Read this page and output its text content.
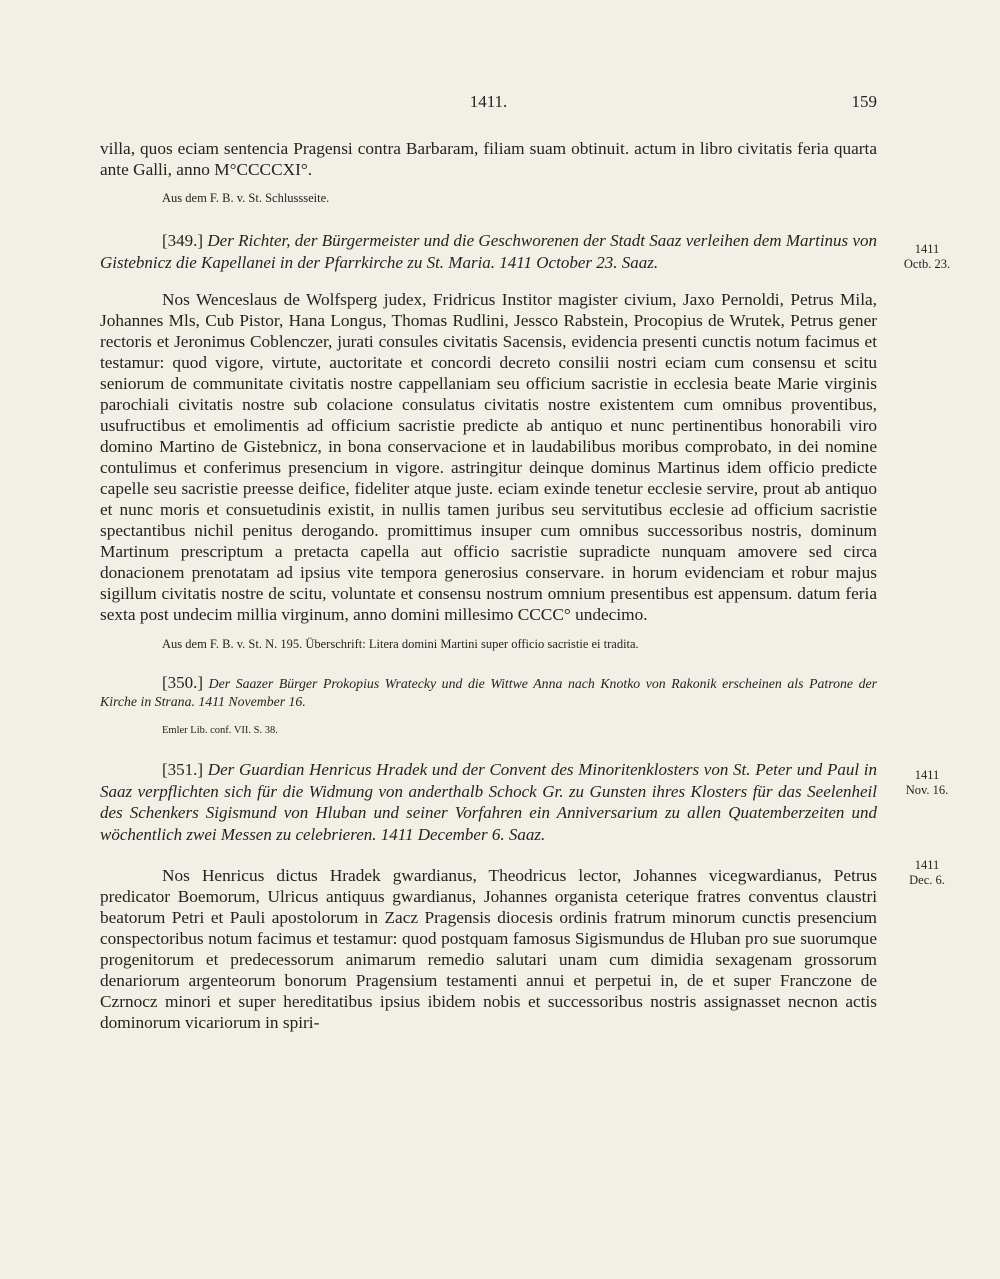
1411.	159

villa, quos eciam sentencia Pragensi contra Barbaram, filiam suam obtinuit. actum in libro civitatis feria quarta ante Galli, anno M°CCCCXI°.

Aus dem F. B. v. St. Schlussseite.

[349.] Der Richter, der Bürgermeister und die Geschworenen der Stadt Saaz verleihen dem Martinus von Gistebnicz die Kapellanei in der Pfarrkirche zu St. Maria. 1411 October 23. Saaz.

Nos Wenceslaus de Wolfsperg judex, Fridricus Institor magister civium, Jaxo Pernoldi, Petrus Mila, Johannes Mls, Cub Pistor, Hana Longus, Thomas Rudlini, Jessco Rabstein, Procopius de Wrutek, Petrus gener rectoris et Jeronimus Coblenczer, jurati consules civitatis Sacensis, evidencia presenti cunctis notum facimus et testamur: quod vigore, virtute, auctoritate et concordi decreto consilii nostri eciam cum consensu et scitu seniorum de communitate civitatis nostre cappellaniam seu officium sacristie in ecclesia beate Marie virginis parochiali civitatis nostre sub colacione consulatus civitatis nostre existentem cum omnibus proventibus, usufructibus et emolimentis ad officium sacristie predicte ab antiquo et nunc pertinentibus honorabili viro domino Martino de Gistebnicz, in bona conservacione et in laudabilibus moribus comprobato, in dei nomine contulimus et conferimus presencium in vigore. astringitur deinque dominus Martinus idem officio predicte capelle seu sacristie preesse deifice, fideliter atque juste. eciam exinde tenetur ecclesie servire, prout ab antiquo et nunc moris et consuetudinis existit, in nullis tamen juribus seu servitutibus ecclesie ad officium sacristie spectantibus nichil penitus derogando. promittimus insuper cum omnibus successoribus nostris, dominum Martinum prescriptum a pretacta capella aut officio sacristie supradicte nunquam amovere sed circa donacionem prenotatam ad ipsius vite tempora generosius conservare. in horum evidenciam et robur majus sigillum civitatis nostre de scitu, voluntate et consensu nostrum omnium presentibus est appensum. datum feria sexta post undecim millia virginum, anno domini millesimo CCCC° undecimo.

Aus dem F. B. v. St. N. 195. Überschrift: Litera domini Martini super officio sacristie ei tradita.

[350.] Der Saazer Bürger Prokopius Wratecky und die Wittwe Anna nach Knotko von Rakonik erscheinen als Patrone der Kirche in Strana. 1411 November 16.

Emler Lib. conf. VII. S. 38.

[351.] Der Guardian Henricus Hradek und der Convent des Minoritenklosters von St. Peter und Paul in Saaz verpflichten sich für die Widmung von anderthalb Schock Gr. zu Gunsten ihres Klosters für das Seelenheil des Schenkers Sigismund von Hluban und seiner Vorfahren ein Anniversarium zu allen Quatemberzeiten und wöchentlich zwei Messen zu celebrieren. 1411 December 6. Saaz.

Nos Henricus dictus Hradek gwardianus, Theodricus lector, Johannes vicegwardianus, Petrus predicator Boemorum, Ulricus antiquus gwardianus, Johannes organista ceterique fratres conventus claustri beatorum Petri et Pauli apostolorum in Zacz Pragensis diocesis ordinis fratrum minorum cunctis presencium conspectoribus notum facimus et testamur: quod postquam famosus Sigismundus de Hluban pro sue suorumque progenitorum et predecessorum animarum remedio salutari unam cum dimidia sexagenam grossorum denariorum argenteorum bonorum Pragensium testamenti annui et perpetui in, de et super Franczone de Czrnocz minori et super hereditatibus ipsius ibidem nobis et successoribus nostris assignasset necnon actis dominorum vicariorum in spiri-

1411
Octb. 23.
1411
Nov. 16.
1411
Dec. 6.
